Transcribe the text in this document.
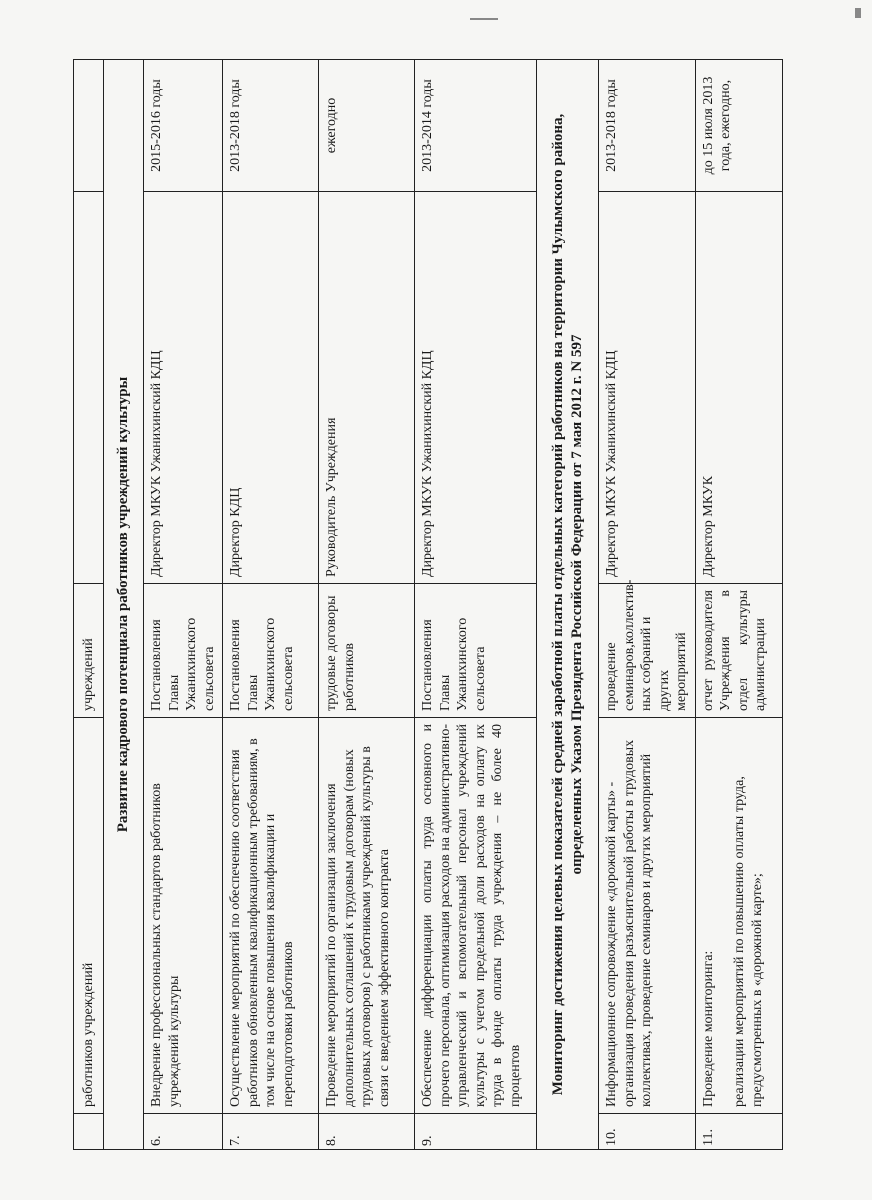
	работников учреждений	учреждений		
Развитие кадрового потенциала работников учреждений культуры				
6.	Внедрение профессиональных стандартов работников учреждений культуры	Постановления Главы Ужанихинского сельсовета	Директор МКУК Ужанихинский КДЦ	2015-2016 годы
7.	Осуществление мероприятий по обеспечению соответствия работников обновленным квалификационным требованиям, в том числе на основе повышения квалификации и переподготовки работников	Постановления Главы Ужанихинского сельсовета	Директор КДЦ	2013-2018 годы
8.	Проведение мероприятий по организации заключения дополнительных соглашений к трудовым договорам (новых трудовых договоров) с работниками учреждений культуры в связи с введением эффективного контракта	трудовые договоры работников	Руководитель Учреждения	ежегодно
9.	Обеспечение дифференциации оплаты труда основного и прочего персонала, оптимизация расходов на административно-управленческий и вспомогательный персонал учреждений культуры с учетом предельной доли расходов на оплату их труда в фонде оплаты труда учреждения – не более 40 процентов	Постановления Главы Ужанихинского сельсовета	Директор МКУК Ужанихинский КДЦ	2013-2014 годы
Мониторинг достижения целевых показателей средней заработной платы отдельных категорий работников на территории Чулымского района, определенных Указом Президента Российской Федерации от 7 мая 2012 г. N 597				
10.	Информационное сопровождение «дорожной карты» - организация проведения разъяснительной работы в трудовых коллективах, проведение семинаров и других мероприятий	проведение семинаров,коллектив-ных собраний и других мероприятий	Директор МКУК Ужанихинский КДЦ	2013-2018 годы
11.	Проведение мониторинга: реализации мероприятий по повышению оплаты труда, предусмотренных в «дорожной карте»;	отчет руководителя Учреждения в отдел культуры администрации	Директор МКУК	до 15 июля 2013 года, ежегодно,
